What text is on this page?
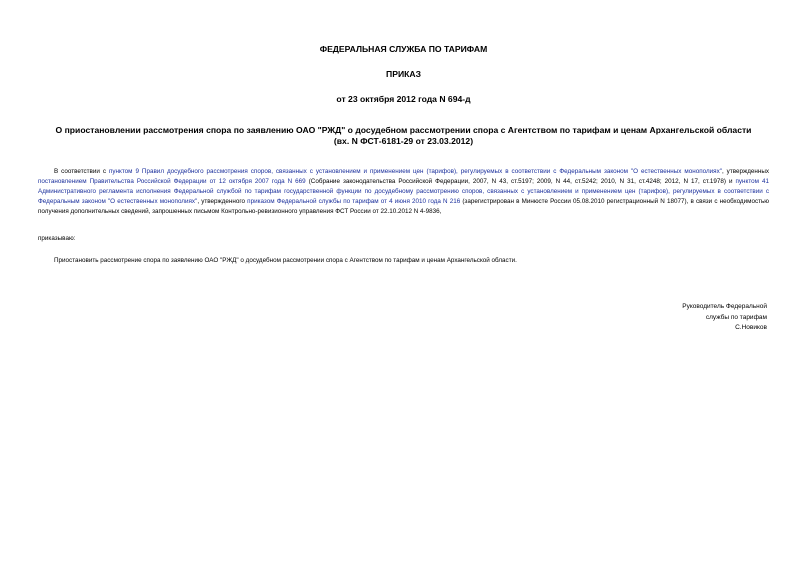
ФЕДЕРАЛЬНАЯ СЛУЖБА ПО ТАРИФАМ
ПРИКАЗ
от 23 октября 2012 года N 694-д
О приостановлении рассмотрения спора по заявлению ОАО "РЖД" о досудебном рассмотрении спора с Агентством по тарифам и ценам Архангельской области
(вх. N ФСТ-6181-29 от 23.03.2012)

В соответствии с пунктом 9 Правил досудебного рассмотрения споров, связанных с установлением и применением цен (тарифов), регулируемых в соответствии с Федеральным законом "О естественных монополиях", утвержденных постановлением Правительства Российской Федерации от 12 октября 2007 года N 669 (Собрание законодательства Российской Федерации, 2007, N 43, ст.5197; 2009, N 44, ст.5242; 2010, N 31, ст.4248; 2012, N 17, ст.1978) и пунктом 41 Административного регламента исполнения Федеральной службой по тарифам государственной функции по досудебному рассмотрению споров, связанных с установлением и применением цен (тарифов), регулируемых в соответствии с Федеральным законом "О естественных монополиях", утвержденного приказом Федеральной службы по тарифам от 4 июня 2010 года N 216 (зарегистрирован в Минюсте России 05.08.2010 регистрационный N 18077), в связи с необходимостью получения дополнительных сведений, запрошенных письмом Контрольно-ревизионного управления ФСТ России от 22.10.2012 N 4-9836,

приказываю:

Приостановить рассмотрение спора по заявлению ОАО "РЖД" о досудебном рассмотрении спора с Агентством по тарифам и ценам Архангельской области.

Руководитель Федеральной
службы по тарифам
С.Новиков
